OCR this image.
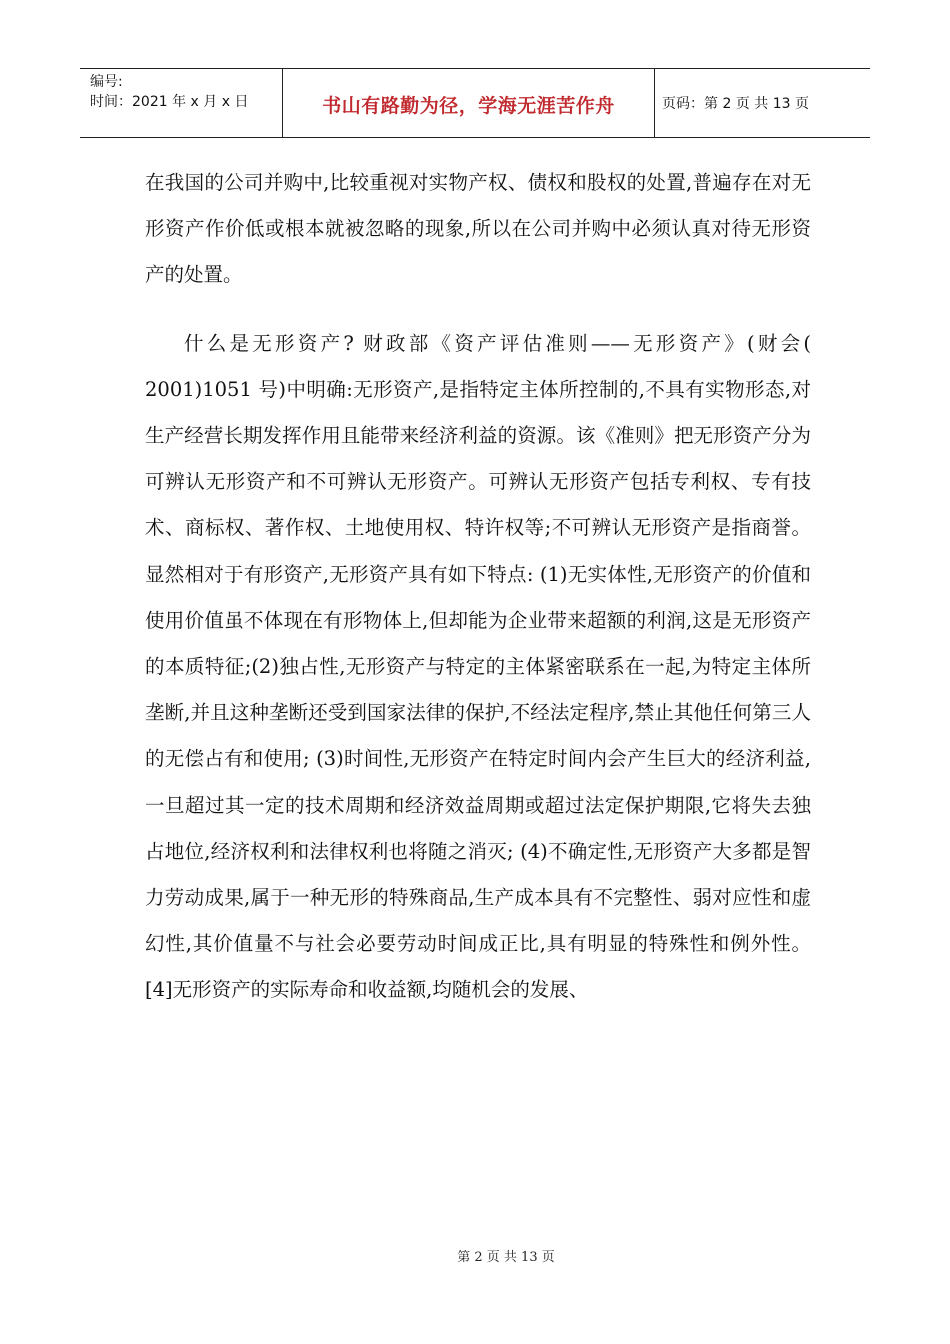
编号:
时间：2021 年 x 月 x 日	书山有路勤为径，学海无涯苦作舟	页码：第 2 页 共 13 页

在我国的公司并购中,比较重视对实物产权、债权和股权的处置,普遍存在对无形资产作价低或根本就被忽略的现象,所以在公司并购中必须认真对待无形资产的处置。

什么是无形资产? 财政部《资产评估准则——无形资产》(财会( 2001)1051 号)中明确:无形资产,是指特定主体所控制的,不具有实物形态,对生产经营长期发挥作用且能带来经济利益的资源。该《准则》把无形资产分为可辨认无形资产和不可辨认无形资产。可辨认无形资产包括专利权、专有技术、商标权、著作权、土地使用权、特许权等;不可辨认无形资产是指商誉。显然相对于有形资产,无形资产具有如下特点: (1)无实体性,无形资产的价值和使用价值虽不体现在有形物体上,但却能为企业带来超额的利润,这是无形资产的本质特征;(2)独占性,无形资产与特定的主体紧密联系在一起,为特定主体所垄断,并且这种垄断还受到国家法律的保护,不经法定程序,禁止其他任何第三人的无偿占有和使用; (3)时间性,无形资产在特定时间内会产生巨大的经济利益,一旦超过其一定的技术周期和经济效益周期或超过法定保护期限,它将失去独占地位,经济权利和法律权利也将随之消灭; (4)不确定性,无形资产大多都是智力劳动成果,属于一种无形的特殊商品,生产成本具有不完整性、弱对应性和虚幻性,其价值量不与社会必要劳动时间成正比,具有明显的特殊性和例外性。 [4]无形资产的实际寿命和收益额,均随机会的发展、

第 2 页 共 13 页
